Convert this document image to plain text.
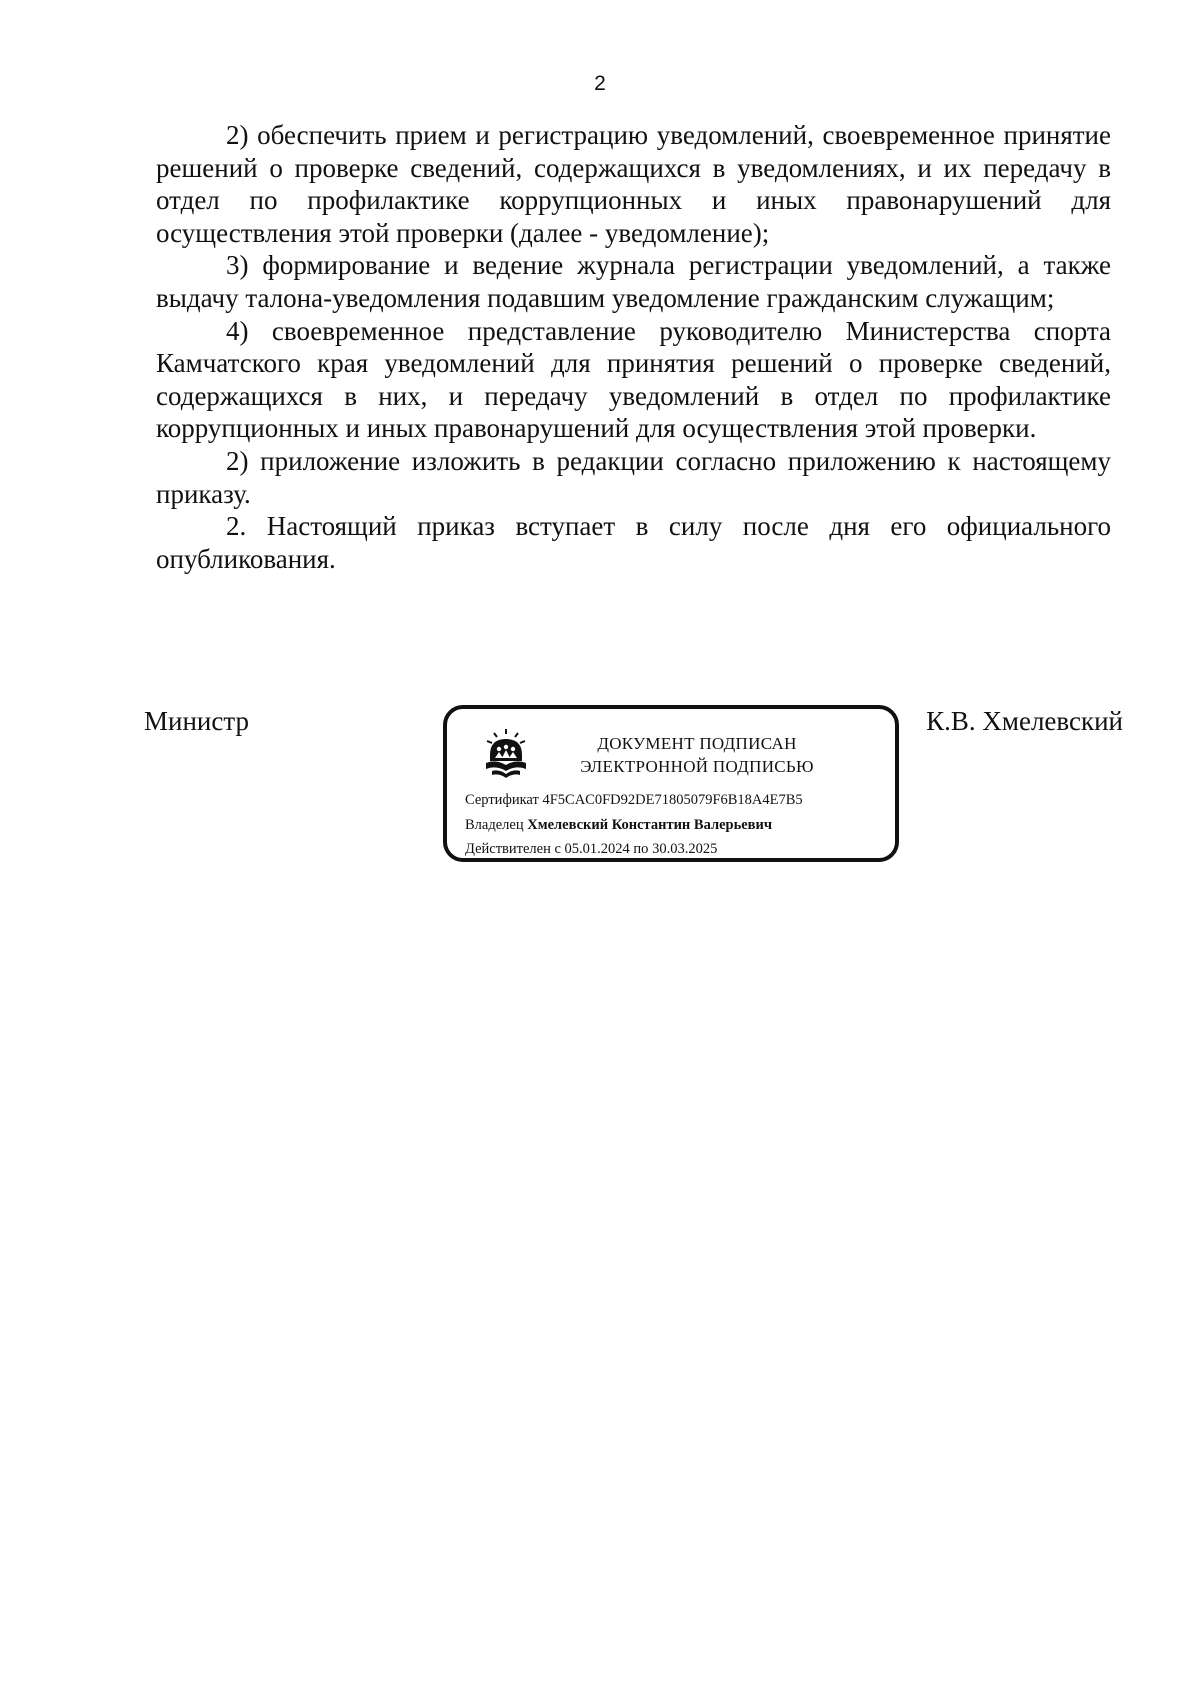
2

2) обеспечить прием и регистрацию уведомлений, своевременное принятие решений о проверке сведений, содержащихся в уведомлениях, и их передачу в отдел по профилактике коррупционных и иных правонарушений для осуществления этой проверки (далее - уведомление);

3) формирование и ведение журнала регистрации уведомлений, а также выдачу талона-уведомления подавшим уведомление гражданским служащим;

4) своевременное представление руководителю Министерства спорта Камчатского края уведомлений для принятия решений о проверке сведений, содержащихся в них, и передачу уведомлений в отдел по профилактике коррупционных и иных правонарушений для осуществления этой проверки.

2) приложение изложить в редакции согласно приложению к настоящему приказу.

2. Настоящий приказ вступает в силу после дня его официального опубликования.

Министр
ДОКУМЕНТ ПОДПИСАН
ЭЛЕКТРОННОЙ ПОДПИСЬЮ
Сертификат 4F5CAC0FD92DE71805079F6B18A4E7B5
Владелец Хмелевский Константин Валерьевич
Действителен с 05.01.2024 по 30.03.2025
К.В. Хмелевский
